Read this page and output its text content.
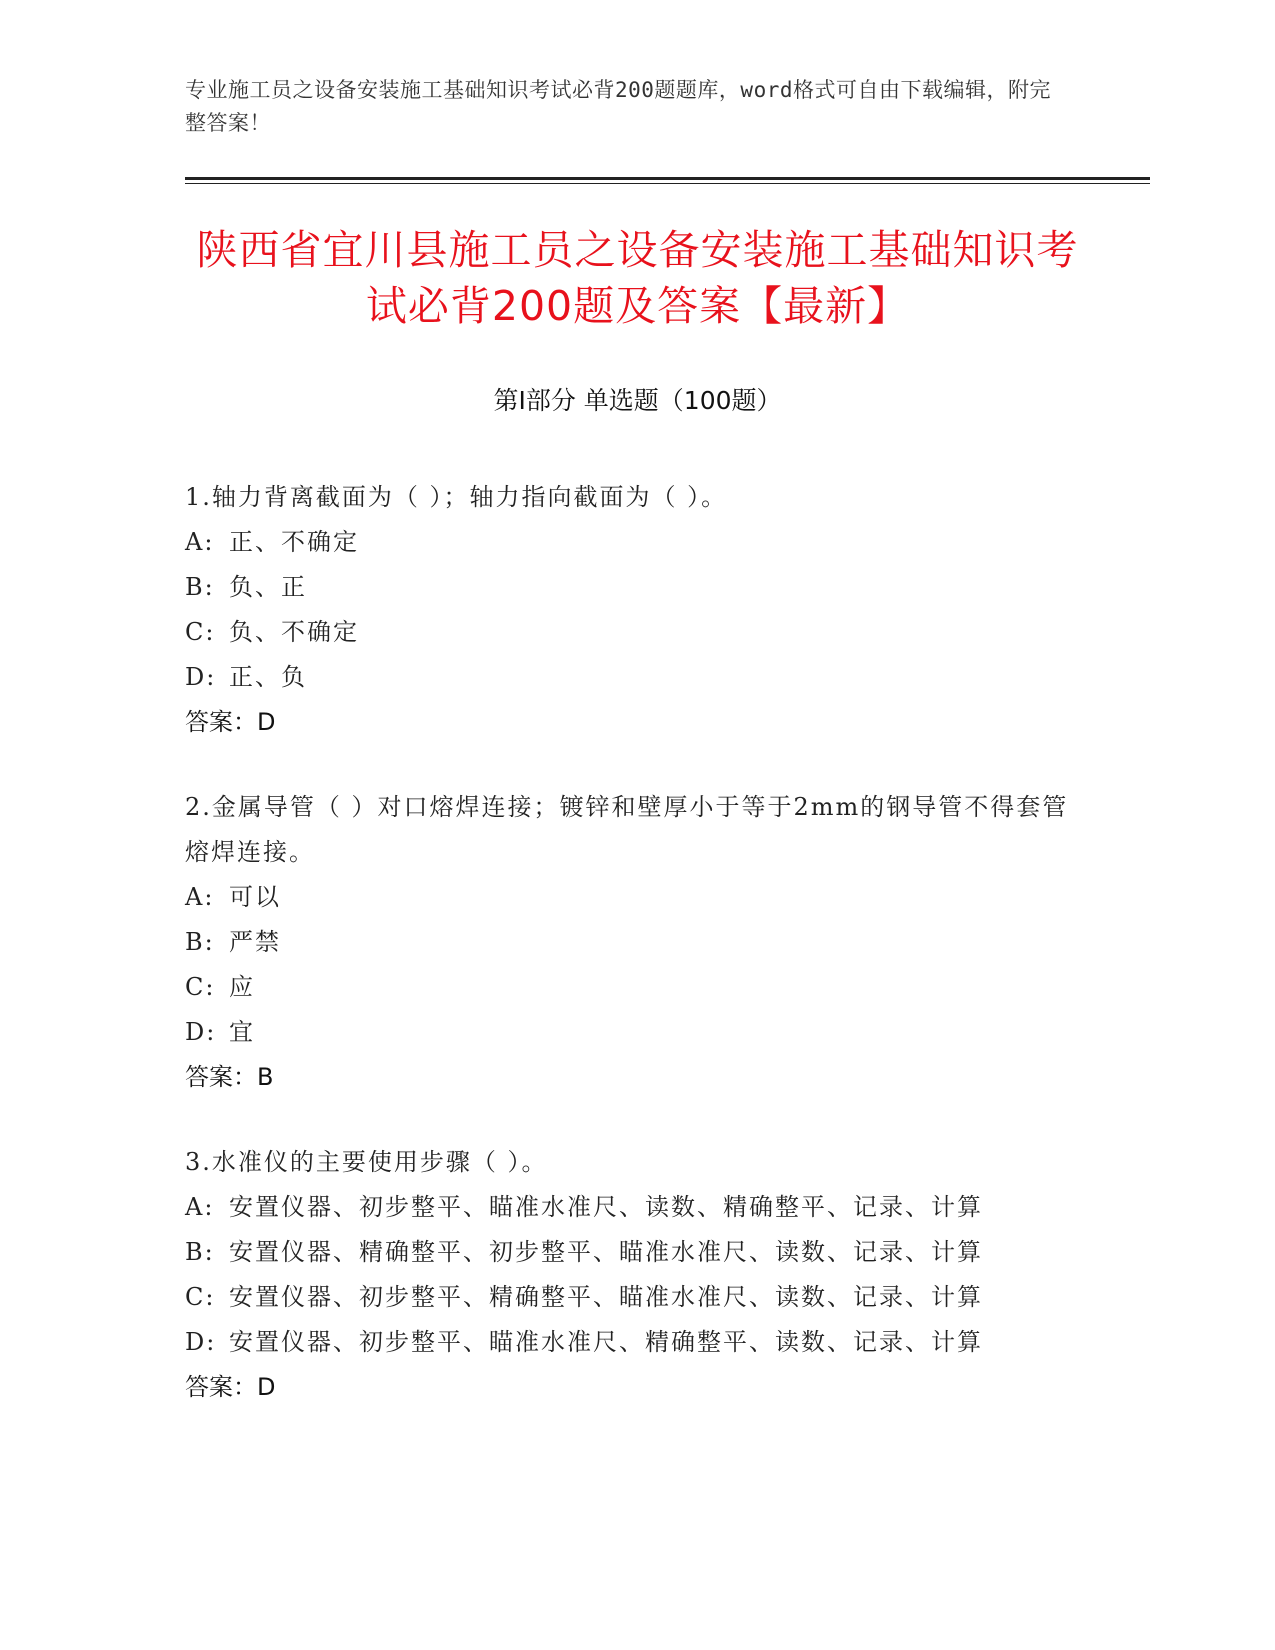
专业施工员之设备安装施工基础知识考试必背200题题库，word格式可自由下载编辑，附完整答案！
陕西省宜川县施工员之设备安装施工基础知识考试必背200题及答案【最新】
第I部分 单选题（100题）
1.轴力背离截面为（ ）；轴力指向截面为（ ）。
A: 正、不确定
B: 负、正
C: 负、不确定
D: 正、负
答案：D
2.金属导管（ ）对口熔焊连接；镀锌和壁厚小于等于2mm的钢导管不得套管熔焊连接。
A: 可以
B: 严禁
C: 应
D: 宜
答案：B
3.水准仪的主要使用步骤（ ）。
A: 安置仪器、初步整平、瞄准水准尺、读数、精确整平、记录、计算
B: 安置仪器、精确整平、初步整平、瞄准水准尺、读数、记录、计算
C: 安置仪器、初步整平、精确整平、瞄准水准尺、读数、记录、计算
D: 安置仪器、初步整平、瞄准水准尺、精确整平、读数、记录、计算
答案：D
